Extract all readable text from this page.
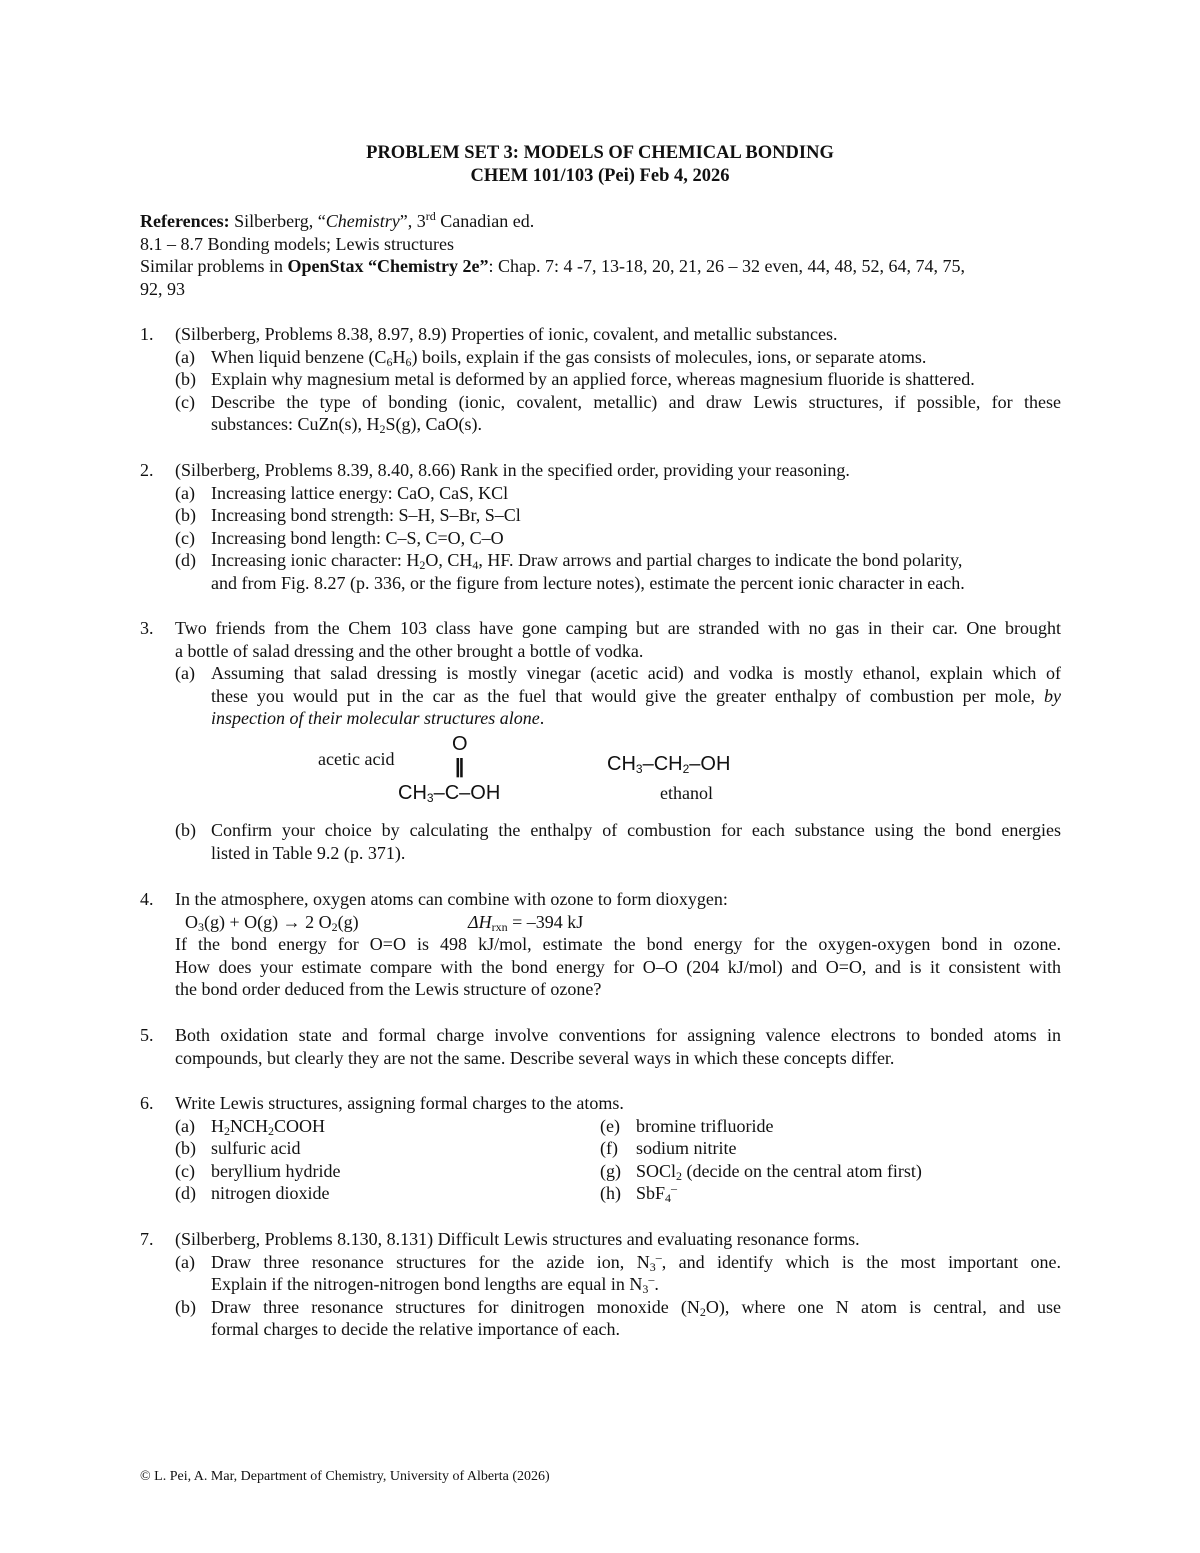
PROBLEM SET 3: MODELS OF CHEMICAL BONDING
CHEM 101/103 (Pei) Feb 4, 2026
References: Silberberg, “Chemistry”, 3rd Canadian ed.
8.1 – 8.7 Bonding models; Lewis structures
Similar problems in OpenStax “Chemistry 2e”: Chap. 7: 4 -7, 13-18, 20, 21, 26 – 32 even, 44, 48, 52, 64, 74, 75,
92, 93
1. (Silberberg, Problems 8.38, 8.97, 8.9) Properties of ionic, covalent, and metallic substances.
(a) When liquid benzene $(C_6H_6)$ boils, explain if the gas consists of molecules, ions, or separate atoms.
(b) Explain why magnesium metal is deformed by an applied force, whereas magnesium fluoride is shattered.
(c) Describe the type of bonding (ionic, covalent, metallic) and draw Lewis structures, if possible, for these
substances: CuZn(s), $H_2S(g)$, CaO(s).
2. (Silberberg, Problems 8.39, 8.40, 8.66) Rank in the specified order, providing your reasoning.
(a) Increasing lattice energy: CaO, CaS, KCl
(b) Increasing bond strength: S–H, S–Br, S–Cl
(c) Increasing bond length: C–S, C=O, C–O
(d) Increasing ionic character: $H_2O$, $CH_4$, HF. Draw arrows and partial charges to indicate the bond polarity,
and from Fig. 8.27 (p. 336, or the figure from lecture notes), estimate the percent ionic character in each.
3. Two friends from the Chem 103 class have gone camping but are stranded with no gas in their car. One brought
a bottle of salad dressing and the other brought a bottle of vodka.
(a) Assuming that salad dressing is mostly vinegar (acetic acid) and vodka is mostly ethanol, explain which of
these you would put in the car as the fuel that would give the greater enthalpy of combustion per mole, by
inspection of their molecular structures alone.
acetic acid
O
||
$CH_3-C-OH$
$CH_3-CH_2-OH$
ethanol
(b) Confirm your choice by calculating the enthalpy of combustion for each substance using the bond energies
listed in Table 9.2 (p. 371).
4. In the atmosphere, oxygen atoms can combine with ozone to form dioxygen:
$O_3(g) + O(g) \to 2$ $O_2(g)$	$\Delta H_{rxn} = -394$ kJ
If the bond energy for O=O is 498 kJ/mol, estimate the bond energy for the oxygen-oxygen bond in ozone.
How does your estimate compare with the bond energy for O–O (204 kJ/mol) and O=O, and is it consistent with
the bond order deduced from the Lewis structure of ozone?
5. Both oxidation state and formal charge involve conventions for assigning valence electrons to bonded atoms in
compounds, but clearly they are not the same. Describe several ways in which these concepts differ.
6. Write Lewis structures, assigning formal charges to the atoms.
(a) $H_2NCH_2COOH$
(b) sulfuric acid
(c) beryllium hydride
(d) nitrogen dioxide
(e) bromine trifluoride
(f) sodium nitrite
(g) SOCl$_2$ (decide on the central atom first)
(h) SbF$_4$–
7. (Silberberg, Problems 8.130, 8.131) Difficult Lewis structures and evaluating resonance forms.
(a) Draw three resonance structures for the azide ion, $N_3^-$, and identify which is the most important one.
Explain if the nitrogen-nitrogen bond lengths are equal in $N_3^-$.
(b) Draw three resonance structures for dinitrogen monoxide $(N_2O)$, where one N atom is central, and use
formal charges to decide the relative importance of each.
© L. Pei, A. Mar, Department of Chemistry, University of Alberta (2026)
